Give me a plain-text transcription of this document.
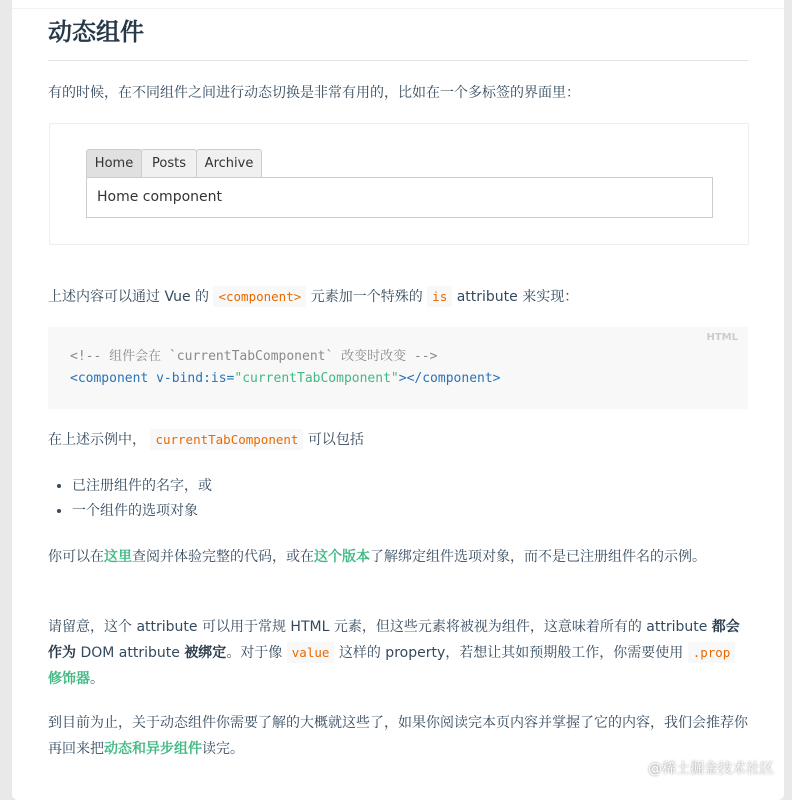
动态组件

有的时候，在不同组件之间进行动态切换是非常有用的，比如在一个多标签的界面里：

Home	Posts	Archive
Home component

上述内容可以通过 Vue 的 <component> 元素加一个特殊的 is attribute 来实现：

HTML
<!-- 组件会在 `currentTabComponent` 改变时改变 -->
<component v-bind:is="currentTabComponent"></component>

在上述示例中， currentTabComponent 可以包括

• 已注册组件的名字，或
• 一个组件的选项对象

你可以在这里查阅并体验完整的代码，或在这个版本了解绑定组件选项对象，而不是已注册组件名的示例。

请留意，这个 attribute 可以用于常规 HTML 元素，但这些元素将被视为组件，这意味着所有的 attribute 都会作为 DOM attribute 被绑定。对于像 value 这样的 property，若想让其如预期般工作，你需要使用 .prop 修饰器。

到目前为止，关于动态组件你需要了解的大概就这些了，如果你阅读完本页内容并掌握了它的内容，我们会推荐你再回来把动态和异步组件读完。

@稀土掘金技术社区
